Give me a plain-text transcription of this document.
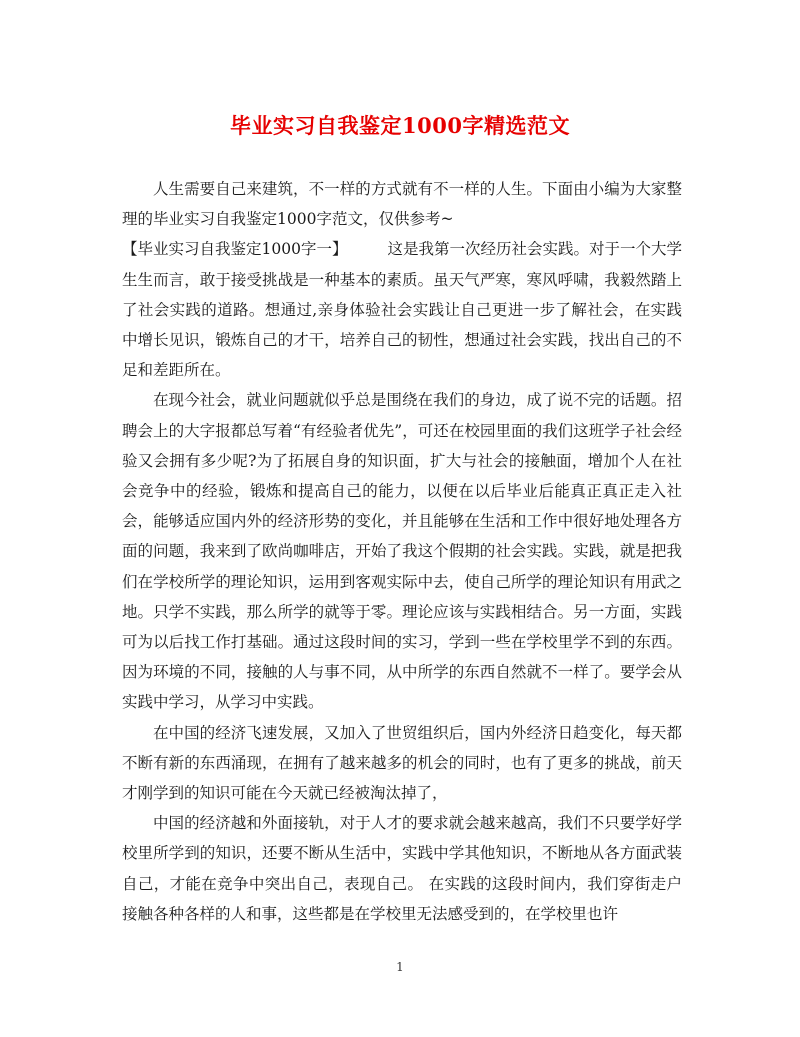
毕业实习自我鉴定1000字精选范文

人生需要自己来建筑，不一样的方式就有不一样的人生。下面由小编为大家整理的毕业实习自我鉴定1000字范文，仅供参考~

【毕业实习自我鉴定1000字一】	这是我第一次经历社会实践。对于一个大学生生而言，敢于接受挑战是一种基本的素质。虽天气严寒，寒风呼啸，我毅然踏上了社会实践的道路。想通过,亲身体验社会实践让自己更进一步了解社会，在实践中增长见识，锻炼自己的才干，培养自己的韧性，想通过社会实践，找出自己的不足和差距所在。

在现今社会，就业问题就似乎总是围绕在我们的身边，成了说不完的话题。招聘会上的大字报都总写着“有经验者优先”，可还在校园里面的我们这班学子社会经验又会拥有多少呢?为了拓展自身的知识面，扩大与社会的接触面，增加个人在社会竞争中的经验，锻炼和提高自己的能力，以便在以后毕业后能真正真正走入社会，能够适应国内外的经济形势的变化，并且能够在生活和工作中很好地处理各方面的问题，我来到了欧尚咖啡店，开始了我这个假期的社会实践。实践，就是把我们在学校所学的理论知识，运用到客观实际中去，使自己所学的理论知识有用武之地。只学不实践，那么所学的就等于零。理论应该与实践相结合。另一方面，实践可为以后找工作打基础。通过这段时间的实习，学到一些在学校里学不到的东西。因为环境的不同，接触的人与事不同，从中所学的东西自然就不一样了。要学会从实践中学习，从学习中实践。

在中国的经济飞速发展，又加入了世贸组织后，国内外经济日趋变化，每天都不断有新的东西涌现，在拥有了越来越多的机会的同时，也有了更多的挑战，前天才刚学到的知识可能在今天就已经被淘汰掉了，

中国的经济越和外面接轨，对于人才的要求就会越来越高，我们不只要学好学校里所学到的知识，还要不断从生活中，实践中学其他知识，不断地从各方面武装自己，才能在竞争中突出自己，表现自己。 在实践的这段时间内，我们穿街走户接触各种各样的人和事，这些都是在学校里无法感受到的，在学校里也许

1
